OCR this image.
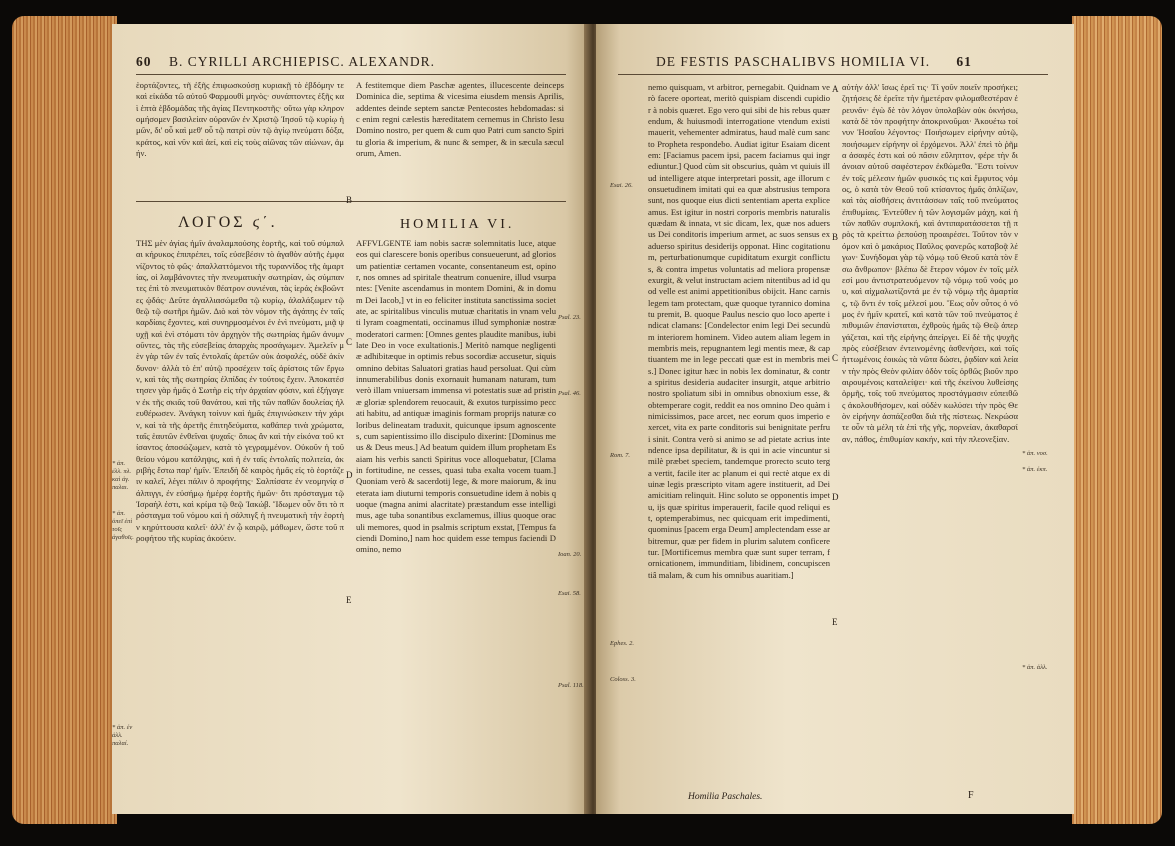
60 B. CYRILLI ARCHIEPISC. ALEXANDR.

ἑορτάζοντες, τῆ ἐξῆς ἐπιφωσκούσῃ κυριακῇ τὸ ἐβδόμην τε καὶ εἰκάδα τῶ αὐτοῦ Φαρμουθὶ μηνὸς· συνάπτοντες ἐξῆς καὶ ἑπτὰ ἑβδομάδας τῆς ἁγίας Πεντηκοστῆς· οὕτω γὰρ κληρονομήσομεν βασιλείαν οὐρανῶν ἐν Χριστῷ Ἰησοῦ τῷ κυρίῳ ἡμῶν, δι' οὗ καὶ μεθ' οὗ τῷ πατρὶ σὺν τῷ ἁγίῳ πνεύματι δόξα, κράτος, καὶ νῦν καὶ ἀεί, καὶ εἰς τοὺς αἰῶνας τῶν αἰώνων, ἀμήν.

A festitemque diem Paschæ agentes, illucescente deinceps Dominica die, septima & vicesima eiusdem mensis Aprilis, addentes deinde septem sanctæ Pentecostes hebdomadas: sic enim regni cælestis hæreditatem cernemus in Christo Iesu Domino nostro, per quem & cum quo Patri cum sancto Spiritu gloria & imperium, & nunc & semper, & in sæcula sæculorum, Amen.

B
ΛΟΓΟΣ ϛ΄.	HOMILIA VI.

ΤΗΣ μὲν ἁγίας ἡμῖν ἀναλαμπούσης ἑορτῆς, καὶ τοῦ σύμπαλαι κήρυκος ἐπιπρέπει, τοῖς εὐσεβέσιν τὸ ἀγαθὸν αὐτῆς ἐμφανίζοντος τὸ φῶς· ἀπαλλαττόμενοι τῆς τυραννίδος τῆς ἁμαρτίας, οἱ λαμβάνοντες τὴν πνευματικὴν σωτηρίαν, ὡς σύμπαντες ἐπὶ τὸ πνευματικὸν θέατρον συνιέναι, τὰς ἱεράς ἐκβοῶντες ᾠδάς· Δεῦτε ἀγαλλιασώμεθα τῷ κυρίῳ, ἀλαλάξωμεν τῷ θεῷ τῷ σωτῆρι ἡμῶν. Διὸ καὶ τὸν νόμον τῆς ἀγάπης ἐν ταῖς καρδίαις ἔχοντες, καὶ συνηρμοσμένοι ἐν ἑνὶ πνεύματι, μιᾷ ψυχῇ καὶ ἑνὶ στόματι τὸν ἀρχηγὸν τῆς σωτηρίας ἡμῶν ἀνυμνοῦντες, τὰς τῆς εὐσεβείας ἀπαρχὰς προσάγωμεν. Ἀμελεῖν μὲν γὰρ τῶν ἐν ταῖς ἐντολαῖς ἀρετῶν οὐκ ἀσφαλές, οὐδὲ ἀκίνδυνον· ἀλλὰ τὸ ἐπ' αὐτῷ προσέχειν τοῖς ἀρίστοις τῶν ἔργων, καὶ τὰς τῆς σωτηρίας ἐλπίδας ἐν τούτοις ἔχειν. Ἀποκατέστησεν γὰρ ἡμᾶς ὁ Σωτὴρ εἰς τὴν ἀρχαίαν φύσιν, καὶ ἐξήγαγεν ἐκ τῆς σκιᾶς τοῦ θανάτου, καὶ τῆς τῶν παθῶν δουλείας ἠλευθέρωσεν. Ἀνάγκη τοίνυν καὶ ἡμᾶς ἐπιγινώσκειν τὴν χάριν, καὶ τὰ τῆς ἀρετῆς ἐπιτηδεύματα, καθάπερ τινὰ χρώματα, ταῖς ἑαυτῶν ἐνθεῖναι ψυχαῖς· ὅπως ἂν καὶ τὴν εἰκόνα τοῦ κτίσαντος ἀποσώζωμεν, κατὰ τὸ γεγραμμένον. Οὐκοῦν ἡ τοῦ θείου νόμου κατάληψις, καὶ ἡ ἐν ταῖς ἐντολαῖς πολιτεία, ἀκριβὴς ἔστω παρ' ἡμῖν. Ἐπειδὴ δὲ καιρὸς ἡμᾶς εἰς τὸ ἑορτάζειν καλεῖ, λέγει πάλιν ὁ προφήτης· Σαλπίσατε ἐν νεομηνίᾳ σάλπιγγι, ἐν εὐσήμῳ ἡμέρᾳ ἑορτῆς ἡμῶν· ὅτι πρόσταγμα τῷ Ἰσραὴλ ἐστι, καὶ κρίμα τῷ θεῷ Ἰακώβ. Ἴδωμεν οὖν ὅτι τὸ πρόσταγμα τοῦ νόμου καὶ ἡ σάλπιγξ ἡ πνευματικὴ τὴν ἑορτὴν κηρύττουσα καλεῖ· ἀλλ' ἐν ᾧ καιρῷ, μάθωμεν, ὥστε τοῦ προφήτου τῆς κυρίας ἀκούειν.

AFFVLGENTE iam nobis sacræ solemnitatis luce, atque eos qui clarescere bonis operibus consueuerunt, ad gloriosum patientiæ certamen vocante, consentaneum est, opinor, nos omnes ad spiritale theatrum conuenire, illud vsurpantes: [Venite ascendamus in montem Domini, & in domum Dei Iacob,] vt in eo feliciter instituta sanctissima societate, ac spiritalibus vinculis mutuæ charitatis in vnam veluti lyram coagmentati, occinamus illud symphoniæ nostræ moderatori carmen: [Omnes gentes plaudite manibus, iubilate Deo in voce exultationis.] Meritò namque negligentiæ adhibitæque in optimis rebus socordiæ accusetur, siquis omnino debitas Saluatori gratias haud persoluat. Qui cùm innumerabilibus donis exornauit humanam naturam, tum verò illam vniuersam immensa vi potestatis suæ ad pristinæ gloriæ splendorem reuocauit, & exutos turpissimo peccati habitu, ad antiquæ imaginis formam proprijs naturæ coloribus delineatam traduxit, quicunque ipsum agnoscentes, cum sapientissimo illo discipulo dixerint: [Dominus meus & Deus meus.] Ad beatum quidem illum prophetam Esaiam his verbis sancti Spiritus voce alloquebatur, [Clama in fortitudine, ne cesses, quasi tuba exalta vocem tuam.] Quoniam verò & sacerdotij lege, & more maiorum, & inueterata iam diuturni temporis consuetudine idem à nobis quoque (magna animi alacritate) præstandum esse intelligimus, age tuba sonantibus exclamemus, illius quoque oraculi memores, quod in psalmis scriptum exstat, [Tempus faciendi Domino,] nam hoc quidem esse tempus faciendi Domino, nemo

C
D
E
* ἀπ. ἐλλ. πλ. καὶ ἀγ. παλαι.
* ἀπ. ὁπεῖ ἐπὶ τοῖς ἀγαθοῖς.
* ἀπ. ἐν ἀλλ. παλαί.
Psal. 23.
Psal. 46.
Ioan. 20.
Esai. 58.
Psal. 118.
DE FESTIS PASCHALIBVS HOMILIA VI. 61

nemo quisquam, vt arbitror, pernegabit. Quidnam verò facere oporteat, meritò quispiam discendi cupidior à nobis quæret. Ego vero qui sibi de his rebus quærendum, & huiusmodi interrogatione vtendum existimauerit, vehementer admiratus, haud malè cum sancto Propheta respondebo. Audiat igitur Esaiam dicentem: [Faciamus pacem ipsi, pacem faciamus qui ingrediuntur.] Quod cùm sit obscurius, quàm vt quiuis illud intelligere atque interpretari possit, age illorum consuetudinem imitati qui ea quæ abstrusius tempora sunt, nos quoque eius dicti sententiam aperta expliceamus. Est igitur in nostri corporis membris naturalis quædam & innata, vt sic dicam, lex, quæ nos aduersus Dei conditoris imperium armet, ac suos sensus ex aduerso spiritus desiderijs opponat. Hinc cogitationum, perturbationumque cupiditatum exurgit conflictus, & contra impetus voluntatis ad meliora propensæ exurgit, & velut instructam aciem nitentibus ad id quod velle est animi appetitionibus obijcit. Hanc carnis legem tam protectam, quæ quoque tyrannico dominatu premit, B. quoque Paulus nescio quo loco aperte indicat clamans: [Condelector enim legi Dei secundùm interiorem hominem. Video autem aliam legem in membris meis, repugnantem legi mentis meæ, & captiuantem me in lege peccati quæ est in membris meis.] Donec igitur hæc in nobis lex dominatur, & contra spiritus desideria audaciter insurgit, atque arbitrio nostro spoliatum sibi in omnibus obnoxium esse, & obtemperare cogit, reddit ea nos omnino Deo quàm inimicissimos, pace arcet, nec eorum quos imperio exercet, vita ex parte conditoris sui benignitate perfrui sinit. Contra verò si animo se ad pietate acrius intendence ipsa depilitatur, & is qui in acie vincuntur similè præbet speciem, tandemque prorecto scuto terga vertit, facile iter ac planum ei qui rectè atque ex diuinæ legis præscripto vitam agere instituerit, ad Dei amicitiam relinquit. Hinc soluto se opponentis impetu, ijs quæ spiritus imperauerit, facile quod reliqui est, optemperabimus, nec quicquam erit impedimenti, quominus [pacem erga Deum] amplectendam esse arbitremur, quæ per fidem in plurim salutem conficeretur. [Mortificemus membra quæ sunt super terram, fornicationem, immunditiam, libidinem, concupiscentiâ malam, & cum his omnibus auaritiam.]

αὐτὴν ἀλλ' ἴσως ἐρεῖ τις· Τί γοῦν ποιεῖν προσήκει; ζητήσεις δὲ ἐρεῖτε τὴν ἡμετέραν φιλομαθεστέραν ἐρευνᾶν· ἐγὼ δὲ τὸν λόγον ὑπολαβὼν οὐκ ὀκνήσω, κατὰ δὲ τὸν προφήτην ἀποκρινοῦμαι· Ἀκουέτω τοίνυν Ἠσαΐου λέγοντος· Ποιήσωμεν εἰρήνην αὐτῷ, ποιήσωμεν εἰρήνην οἱ ἐρχόμενοι. Ἀλλ' ἐπεὶ τὸ ῥῆμα ἀσαφές ἐστι καὶ οὐ πᾶσιν εὔληπτον, φέρε τὴν διάνοιαν αὐτοῦ σαφέστερον ἐκθώμεθα. Ἔστι τοίνυν ἐν τοῖς μέλεσιν ἡμῶν φυσικός τις καὶ ἔμφυτος νόμος, ὁ κατὰ τὸν Θεοῦ τοῦ κτίσαντος ἡμᾶς ὁπλίζων, καὶ τὰς αἰσθήσεις ἀντιτάσσων ταῖς τοῦ πνεύματος ἐπιθυμίαις. Ἐντεῦθεν ἡ τῶν λογισμῶν μάχη, καὶ ἡ τῶν παθῶν συμπλοκή, καὶ ἀντιπαρατάσσεται τῇ πρὸς τὰ κρείττω ῥεπούσῃ προαιρέσει. Τοῦτον τὸν νόμον καὶ ὁ μακάριος Παῦλος φανερῶς καταβοᾷ λέγων· Συνήδομαι γὰρ τῷ νόμῳ τοῦ Θεοῦ κατὰ τὸν ἔσω ἄνθρωπον· βλέπω δὲ ἕτερον νόμον ἐν τοῖς μέλεσί μου ἀντιστρατευόμενον τῷ νόμῳ τοῦ νοός μου, καὶ αἰχμαλωτίζοντά με ἐν τῷ νόμῳ τῆς ἁμαρτίας, τῷ ὄντι ἐν τοῖς μέλεσί μου. Ἕως οὖν οὗτος ὁ νόμος ἐν ἡμῖν κρατεῖ, καὶ κατὰ τῶν τοῦ πνεύματος ἐπιθυμιῶν ἐπανίσταται, ἐχθροὺς ἡμᾶς τῷ Θεῷ ἀπεργάζεται, καὶ τῆς εἰρήνης ἀπείργει. Εἰ δὲ τῆς ψυχῆς πρὸς εὐσέβειαν ἐντεινομένης ἀσθενήσει, καὶ τοῖς ἡττωμένοις ἐοικὼς τὰ νῶτα δώσει, ῥᾳδίαν καὶ λείαν τὴν πρὸς Θεὸν φιλίαν ὁδὸν τοῖς ὀρθῶς βιοῦν προαιρουμένοις καταλείψει· καὶ τῆς ἐκείνου λυθείσης ὁρμῆς, τοῖς τοῦ πνεύματος προστάγμασιν εὐπειθῶς ἀκολουθήσομεν, καὶ οὐδὲν κωλύσει τὴν πρὸς Θεὸν εἰρήνην ἀσπάζεσθαι διὰ τῆς πίστεως. Νεκρώσατε οὖν τὰ μέλη τὰ ἐπὶ τῆς γῆς, πορνείαν, ἀκαθαρσίαν, πάθος, ἐπιθυμίαν κακήν, καὶ τὴν πλεονεξίαν.

A
B
C
D
E
Esai. 26.
Rom. 7.
Ephes. 2.
Coloss. 3.
* ἀπ. νοσ.
* ἀπ. ἐκπ.
* ἀπ. ἀλλ.
Homilia Paschales.	F
